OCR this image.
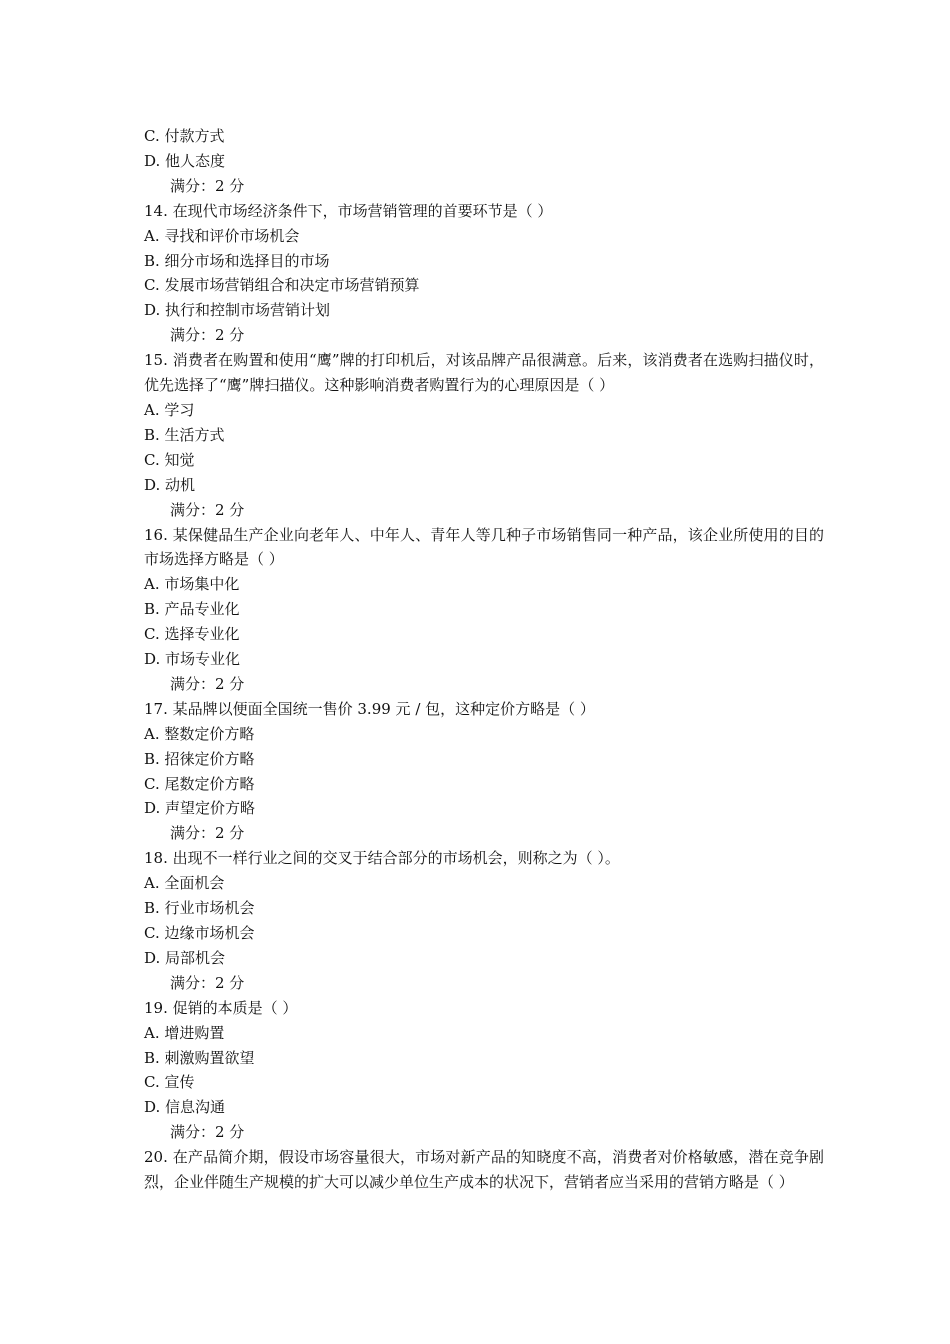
C. 付款方式
D. 他人态度
满分：2 分
14. 在现代市场经济条件下，市场营销管理的首要环节是（ ）
A. 寻找和评价市场机会
B. 细分市场和选择目的市场
C. 发展市场营销组合和决定市场营销预算
D. 执行和控制市场营销计划
满分：2 分
15. 消费者在购置和使用“鹰”牌的打印机后，对该品牌产品很满意。后来，该消费者在选购扫描仪时，优先选择了“鹰”牌扫描仪。这种影响消费者购置行为的心理原因是（ ）
A. 学习
B. 生活方式
C. 知觉
D. 动机
满分：2 分
16. 某保健品生产企业向老年人、中年人、青年人等几种子市场销售同一种产品，该企业所使用的目的市场选择方略是（ ）
A. 市场集中化
B. 产品专业化
C. 选择专业化
D. 市场专业化
满分：2 分
17. 某品牌以便面全国统一售价 3.99 元 / 包，这种定价方略是（ ）
A. 整数定价方略
B. 招徕定价方略
C. 尾数定价方略
D. 声望定价方略
满分：2 分
18. 出现不一样行业之间的交叉于结合部分的市场机会，则称之为（ ）。
A. 全面机会
B. 行业市场机会
C. 边缘市场机会
D. 局部机会
满分：2 分
19. 促销的本质是（ ）
A. 增进购置
B. 刺激购置欲望
C. 宣传
D. 信息沟通
满分：2 分
20. 在产品简介期，假设市场容量很大，市场对新产品的知晓度不高，消费者对价格敏感，潜在竞争剧烈，企业伴随生产规模的扩大可以减少单位生产成本的状况下，营销者应当采用的营销方略是（ ）
